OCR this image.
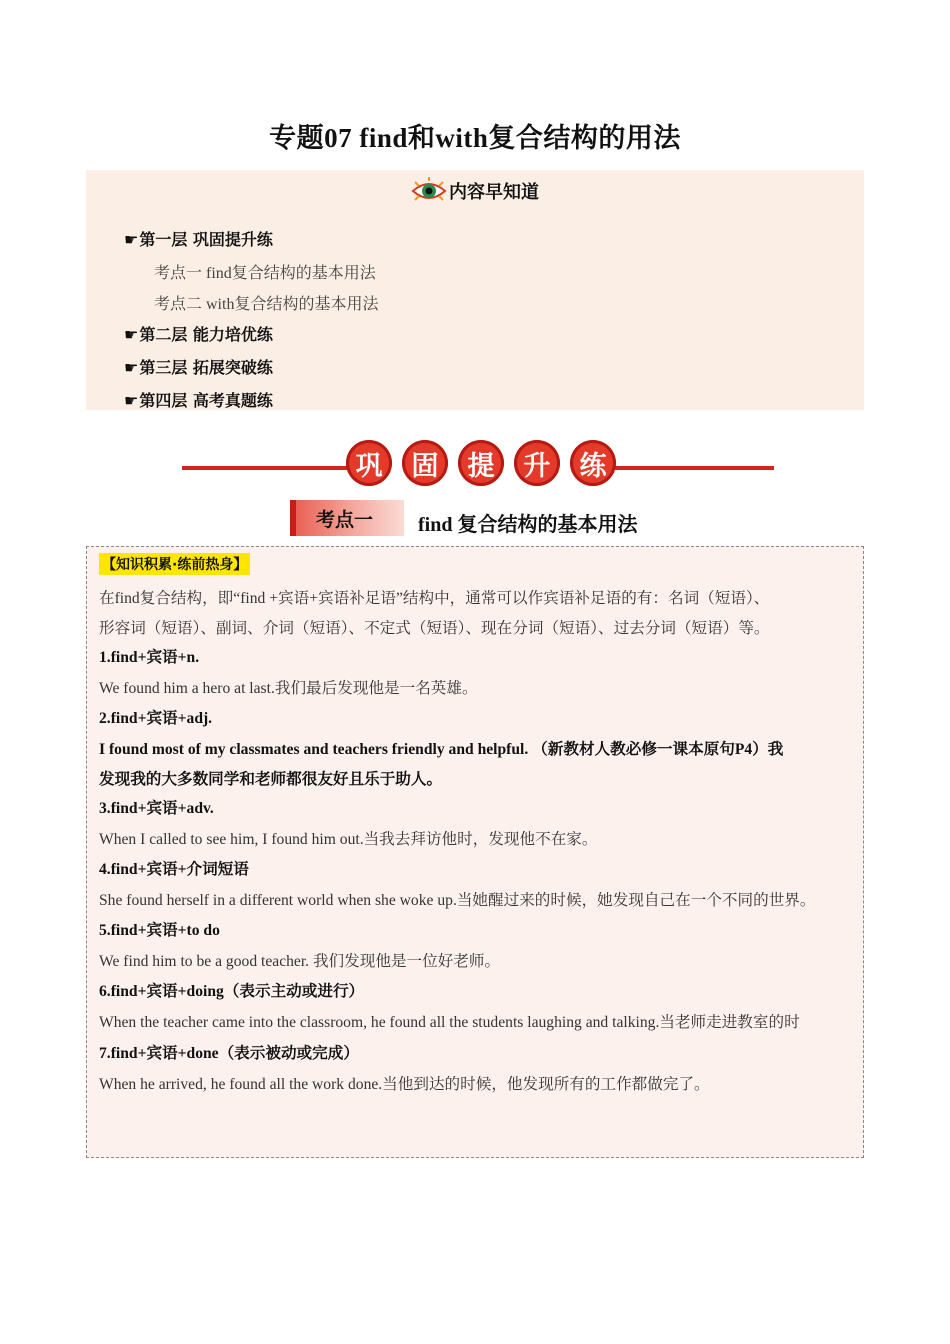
专题07 find和with复合结构的用法
内容早知道
☛第一层 巩固提升练
考点一 find复合结构的基本用法
考点二 with复合结构的基本用法
☛第二层 能力培优练
☛第三层 拓展突破练
☛第四层 高考真题练
巩	固	提	升	练
考点一	find 复合结构的基本用法
【知识积累·练前热身】
在find复合结构，即“find +宾语+宾语补足语”结构中，通常可以作宾语补足语的有：名词（短语）、
形容词（短语）、副词、介词（短语）、不定式（短语）、现在分词（短语）、过去分词（短语）等。
1.find+宾语+n.
We found him a hero at last.我们最后发现他是一名英雄。
2.find+宾语+adj.
I found most of my classmates and teachers friendly and helpful. （新教材人教必修一课本原句P4）我
发现我的大多数同学和老师都很友好且乐于助人。
3.find+宾语+adv.
When I called to see him, I found him out.当我去拜访他时，发现他不在家。
4.find+宾语+介词短语
She found herself in a different world when she woke up.当她醒过来的时候，她发现自己在一个不同的世界。
5.find+宾语+to do
We find him to be a good teacher. 我们发现他是一位好老师。
6.find+宾语+doing（表示主动或进行）
When the teacher came into the classroom, he found all the students laughing and talking.当老师走进教室的时
7.find+宾语+done（表示被动或完成）
When he arrived, he found all the work done.当他到达的时候，他发现所有的工作都做完了。
